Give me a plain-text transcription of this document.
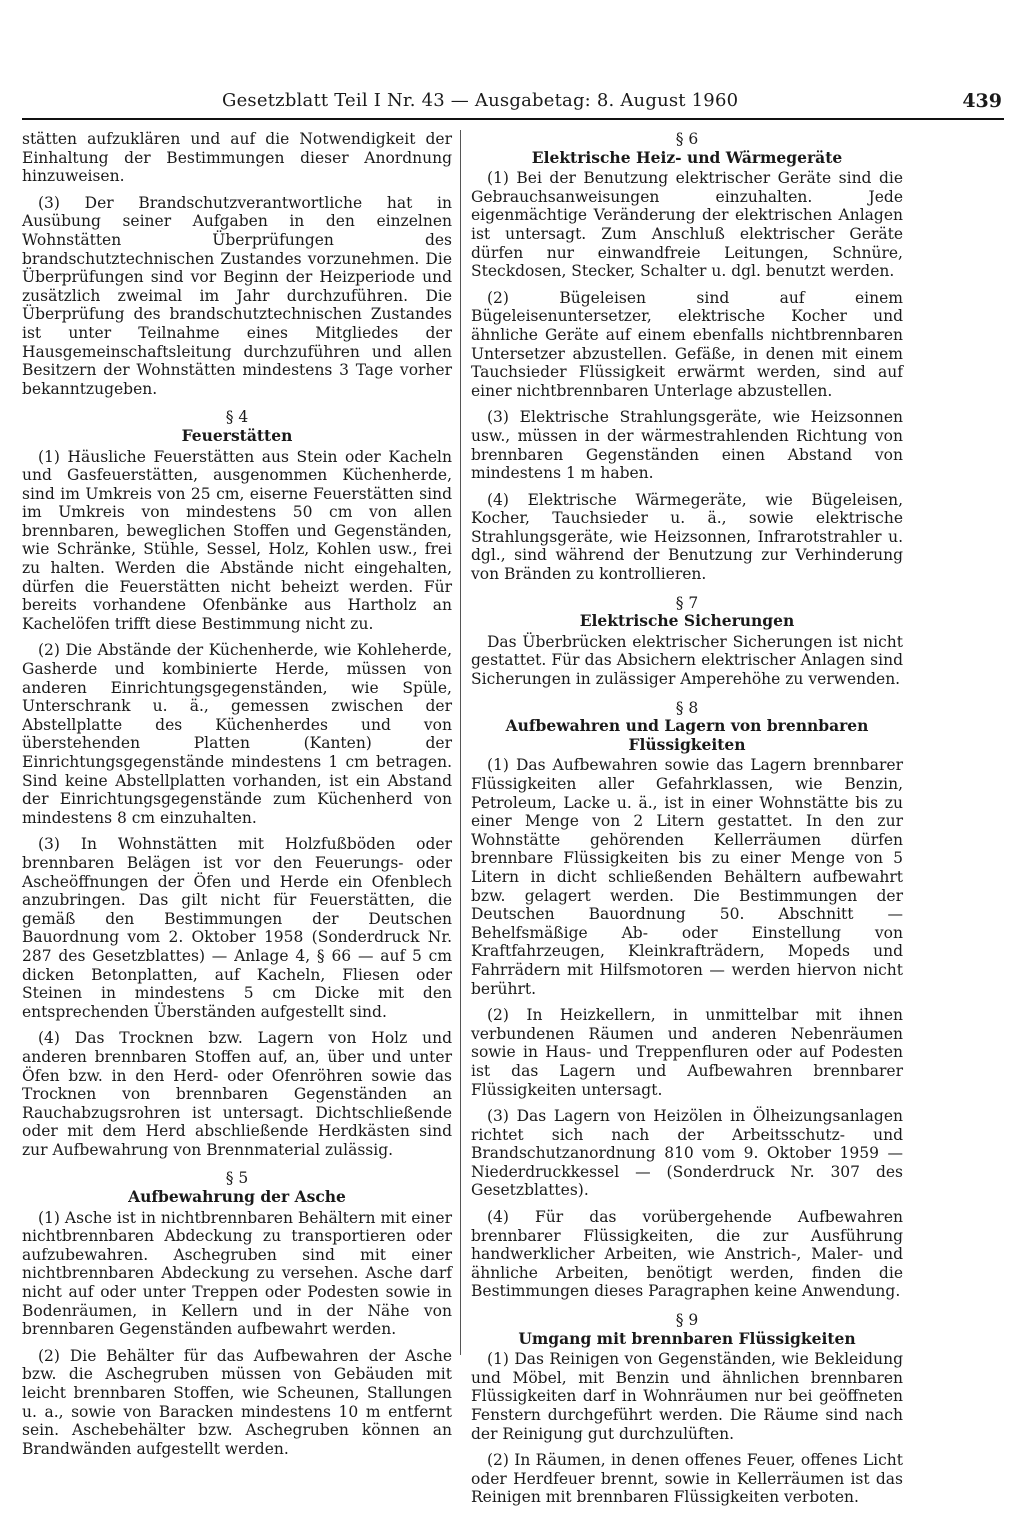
Gesetzblatt Teil I Nr. 43 — Ausgabetag: 8. August 1960	439

stätten aufzuklären und auf die Notwendigkeit der Einhaltung der Bestimmungen dieser Anordnung hinzuweisen.

(3) Der Brandschutzverantwortliche hat in Ausübung seiner Aufgaben in den einzelnen Wohnstätten Überprüfungen des brandschutztechnischen Zustandes vorzunehmen. Die Überprüfungen sind vor Beginn der Heizperiode und zusätzlich zweimal im Jahr durchzuführen. Die Überprüfung des brandschutztechnischen Zustandes ist unter Teilnahme eines Mitgliedes der Hausgemeinschaftsleitung durchzuführen und allen Besitzern der Wohnstätten mindestens 3 Tage vorher bekanntzugeben.

§ 4
Feuerstätten

(1) Häusliche Feuerstätten aus Stein oder Kacheln und Gasfeuerstätten, ausgenommen Küchenherde, sind im Umkreis von 25 cm, eiserne Feuerstätten sind im Umkreis von mindestens 50 cm von allen brennbaren, beweglichen Stoffen und Gegenständen, wie Schränke, Stühle, Sessel, Holz, Kohlen usw., frei zu halten. Werden die Abstände nicht eingehalten, dürfen die Feuerstätten nicht beheizt werden. Für bereits vorhandene Ofenbänke aus Hartholz an Kachelöfen trifft diese Bestimmung nicht zu.

(2) Die Abstände der Küchenherde, wie Kohleherde, Gasherde und kombinierte Herde, müssen von anderen Einrichtungsgegenständen, wie Spüle, Unterschrank u. ä., gemessen zwischen der Abstellplatte des Küchenherdes und von überstehenden Platten (Kanten) der Einrichtungsgegenstände mindestens 1 cm betragen. Sind keine Abstellplatten vorhanden, ist ein Abstand der Einrichtungsgegenstände zum Küchenherd von mindestens 8 cm einzuhalten.

(3) In Wohnstätten mit Holzfußböden oder brennbaren Belägen ist vor den Feuerungs- oder Ascheöffnungen der Öfen und Herde ein Ofenblech anzubringen. Das gilt nicht für Feuerstätten, die gemäß den Bestimmungen der Deutschen Bauordnung vom 2. Oktober 1958 (Sonderdruck Nr. 287 des Gesetzblattes) — Anlage 4, § 66 — auf 5 cm dicken Betonplatten, auf Kacheln, Fliesen oder Steinen in mindestens 5 cm Dicke mit den entsprechenden Überständen aufgestellt sind.

(4) Das Trocknen bzw. Lagern von Holz und anderen brennbaren Stoffen auf, an, über und unter Öfen bzw. in den Herd- oder Ofenröhren sowie das Trocknen von brennbaren Gegenständen an Rauchabzugsrohren ist untersagt. Dichtschließende oder mit dem Herd abschließende Herdkästen sind zur Aufbewahrung von Brennmaterial zulässig.

§ 5
Aufbewahrung der Asche

(1) Asche ist in nichtbrennbaren Behältern mit einer nichtbrennbaren Abdeckung zu transportieren oder aufzubewahren. Aschegruben sind mit einer nichtbrennbaren Abdeckung zu versehen. Asche darf nicht auf oder unter Treppen oder Podesten sowie in Bodenräumen, in Kellern und in der Nähe von brennbaren Gegenständen aufbewahrt werden.

(2) Die Behälter für das Aufbewahren der Asche bzw. die Aschegruben müssen von Gebäuden mit leicht brennbaren Stoffen, wie Scheunen, Stallungen u. a., sowie von Baracken mindestens 10 m entfernt sein. Aschebehälter bzw. Aschegruben können an Brandwänden aufgestellt werden.

§ 6
Elektrische Heiz- und Wärmegeräte

(1) Bei der Benutzung elektrischer Geräte sind die Gebrauchsanweisungen einzuhalten. Jede eigenmächtige Veränderung der elektrischen Anlagen ist untersagt. Zum Anschluß elektrischer Geräte dürfen nur einwandfreie Leitungen, Schnüre, Steckdosen, Stecker, Schalter u. dgl. benutzt werden.

(2) Bügeleisen sind auf einem Bügeleisenuntersetzer, elektrische Kocher und ähnliche Geräte auf einem ebenfalls nichtbrennbaren Untersetzer abzustellen. Gefäße, in denen mit einem Tauchsieder Flüssigkeit erwärmt werden, sind auf einer nichtbrennbaren Unterlage abzustellen.

(3) Elektrische Strahlungsgeräte, wie Heizsonnen usw., müssen in der wärmestrahlenden Richtung von brennbaren Gegenständen einen Abstand von mindestens 1 m haben.

(4) Elektrische Wärmegeräte, wie Bügeleisen, Kocher, Tauchsieder u. ä., sowie elektrische Strahlungsgeräte, wie Heizsonnen, Infrarotstrahler u. dgl., sind während der Benutzung zur Verhinderung von Bränden zu kontrollieren.

§ 7
Elektrische Sicherungen

Das Überbrücken elektrischer Sicherungen ist nicht gestattet. Für das Absichern elektrischer Anlagen sind Sicherungen in zulässiger Amperehöhe zu verwenden.

§ 8
Aufbewahren und Lagern von brennbaren Flüssigkeiten

(1) Das Aufbewahren sowie das Lagern brennbarer Flüssigkeiten aller Gefahrklassen, wie Benzin, Petroleum, Lacke u. ä., ist in einer Wohnstätte bis zu einer Menge von 2 Litern gestattet. In den zur Wohnstätte gehörenden Kellerräumen dürfen brennbare Flüssigkeiten bis zu einer Menge von 5 Litern in dicht schließenden Behältern aufbewahrt bzw. gelagert werden. Die Bestimmungen der Deutschen Bauordnung 50. Abschnitt — Behelfsmäßige Ab- oder Einstellung von Kraftfahrzeugen, Kleinkrafträdern, Mopeds und Fahrrädern mit Hilfsmotoren — werden hiervon nicht berührt.

(2) In Heizkellern, in unmittelbar mit ihnen verbundenen Räumen und anderen Nebenräumen sowie in Haus- und Treppenfluren oder auf Podesten ist das Lagern und Aufbewahren brennbarer Flüssigkeiten untersagt.

(3) Das Lagern von Heizölen in Ölheizungsanlagen richtet sich nach der Arbeitsschutz- und Brandschutzanordnung 810 vom 9. Oktober 1959 — Niederdruckkessel — (Sonderdruck Nr. 307 des Gesetzblattes).

(4) Für das vorübergehende Aufbewahren brennbarer Flüssigkeiten, die zur Ausführung handwerklicher Arbeiten, wie Anstrich-, Maler- und ähnliche Arbeiten, benötigt werden, finden die Bestimmungen dieses Paragraphen keine Anwendung.

§ 9
Umgang mit brennbaren Flüssigkeiten

(1) Das Reinigen von Gegenständen, wie Bekleidung und Möbel, mit Benzin und ähnlichen brennbaren Flüssigkeiten darf in Wohnräumen nur bei geöffneten Fenstern durchgeführt werden. Die Räume sind nach der Reinigung gut durchzulüften.

(2) In Räumen, in denen offenes Feuer, offenes Licht oder Herdfeuer brennt, sowie in Kellerräumen ist das Reinigen mit brennbaren Flüssigkeiten verboten.
